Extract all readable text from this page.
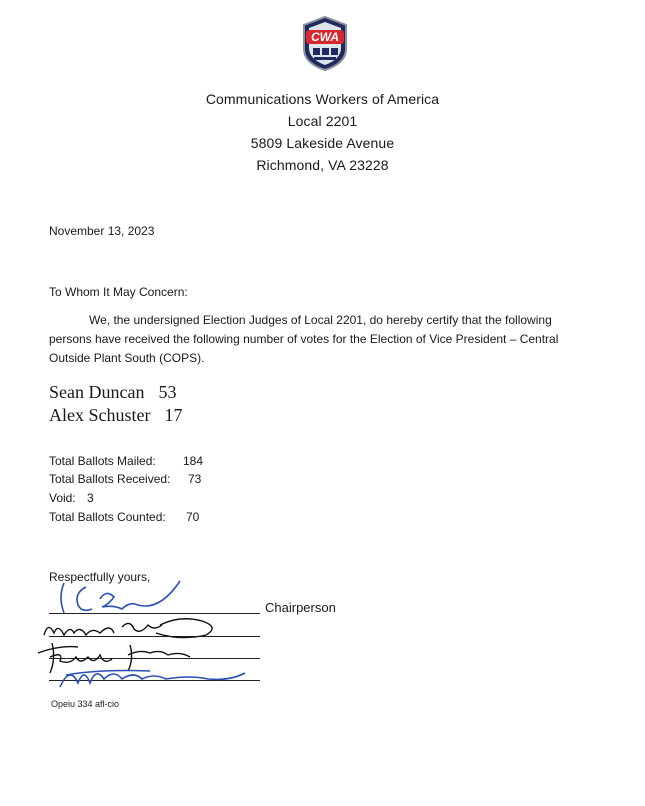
CWA
Communications Workers of America
Local 2201
5809 Lakeside Avenue
Richmond, VA 23228
November 13, 2023
To Whom It May Concern:
We, the undersigned Election Judges of Local 2201, do hereby certify that the following persons have received the following number of votes for the Election of Vice President – Central Outside Plant South (COPS).
Sean Duncan 53
Alex Schuster 17
Total Ballots Mailed: 184
Total Ballots Received: 73
Void: 3
Total Ballots Counted: 70
Respectfully yours,
Chairperson
Opeiu 334 afl-cio
